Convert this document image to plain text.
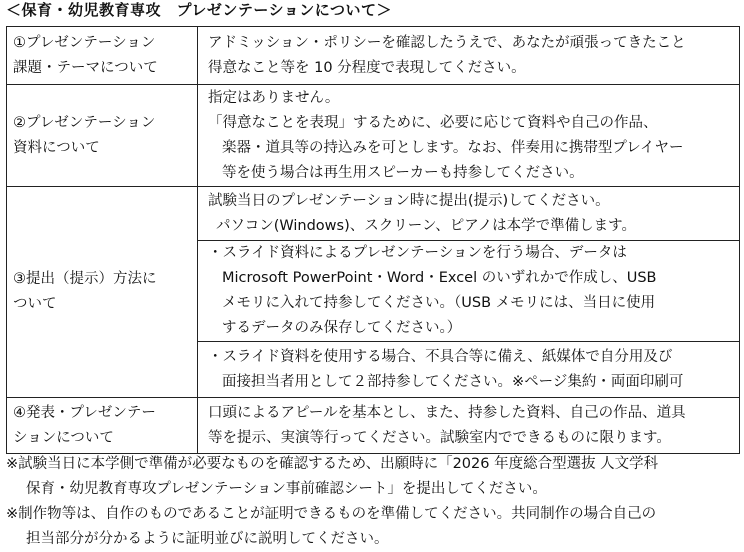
＜保育・幼児教育専攻　プレゼンテーションについて＞
①プレゼンテーション
課題・テーマについて	アドミッション・ポリシーを確認したうえで、あなたが頑張ってきたこと
得意なこと等を 10 分程度で表現してください。

②プレゼンテーション
資料について	指定はありません。
「得意なことを表現」するために、必要に応じて資料や自己の作品、
楽器・道具等の持込みを可とします。なお、伴奏用に携帯型プレイヤー
等を使う場合は再生用スピーカーも持参してください。

③提出（提示）方法に
ついて	試験当日のプレゼンテーション時に提出(提示)してください。
パソコン(Windows)、スクリーン、ピアノは本学で準備します。

	・スライド資料によるプレゼンテーションを行う場合、データは
Microsoft PowerPoint・Word・Excel のいずれかで作成し、USB
メモリに入れて持参してください。（USB メモリには、当日に使用
するデータのみ保存してください。）

	・スライド資料を使用する場合、不具合等に備え、紙媒体で自分用及び
面接担当者用として２部持参してください。※ページ集約・両面印刷可

④発表・プレゼンテー
ションについて	口頭によるアピールを基本とし、また、持参した資料、自己の作品、道具
等を提示、実演等行ってください。試験室内でできるものに限ります。
※試験当日に本学側で準備が必要なものを確認するため、出願時に「2026 年度総合型選抜 人文学科
保育・幼児教育専攻プレゼンテーション事前確認シート」を提出してください。
※制作物等は、自作のものであることが証明できるものを準備してください。共同制作の場合自己の
担当部分が分かるように証明並びに説明してください。
